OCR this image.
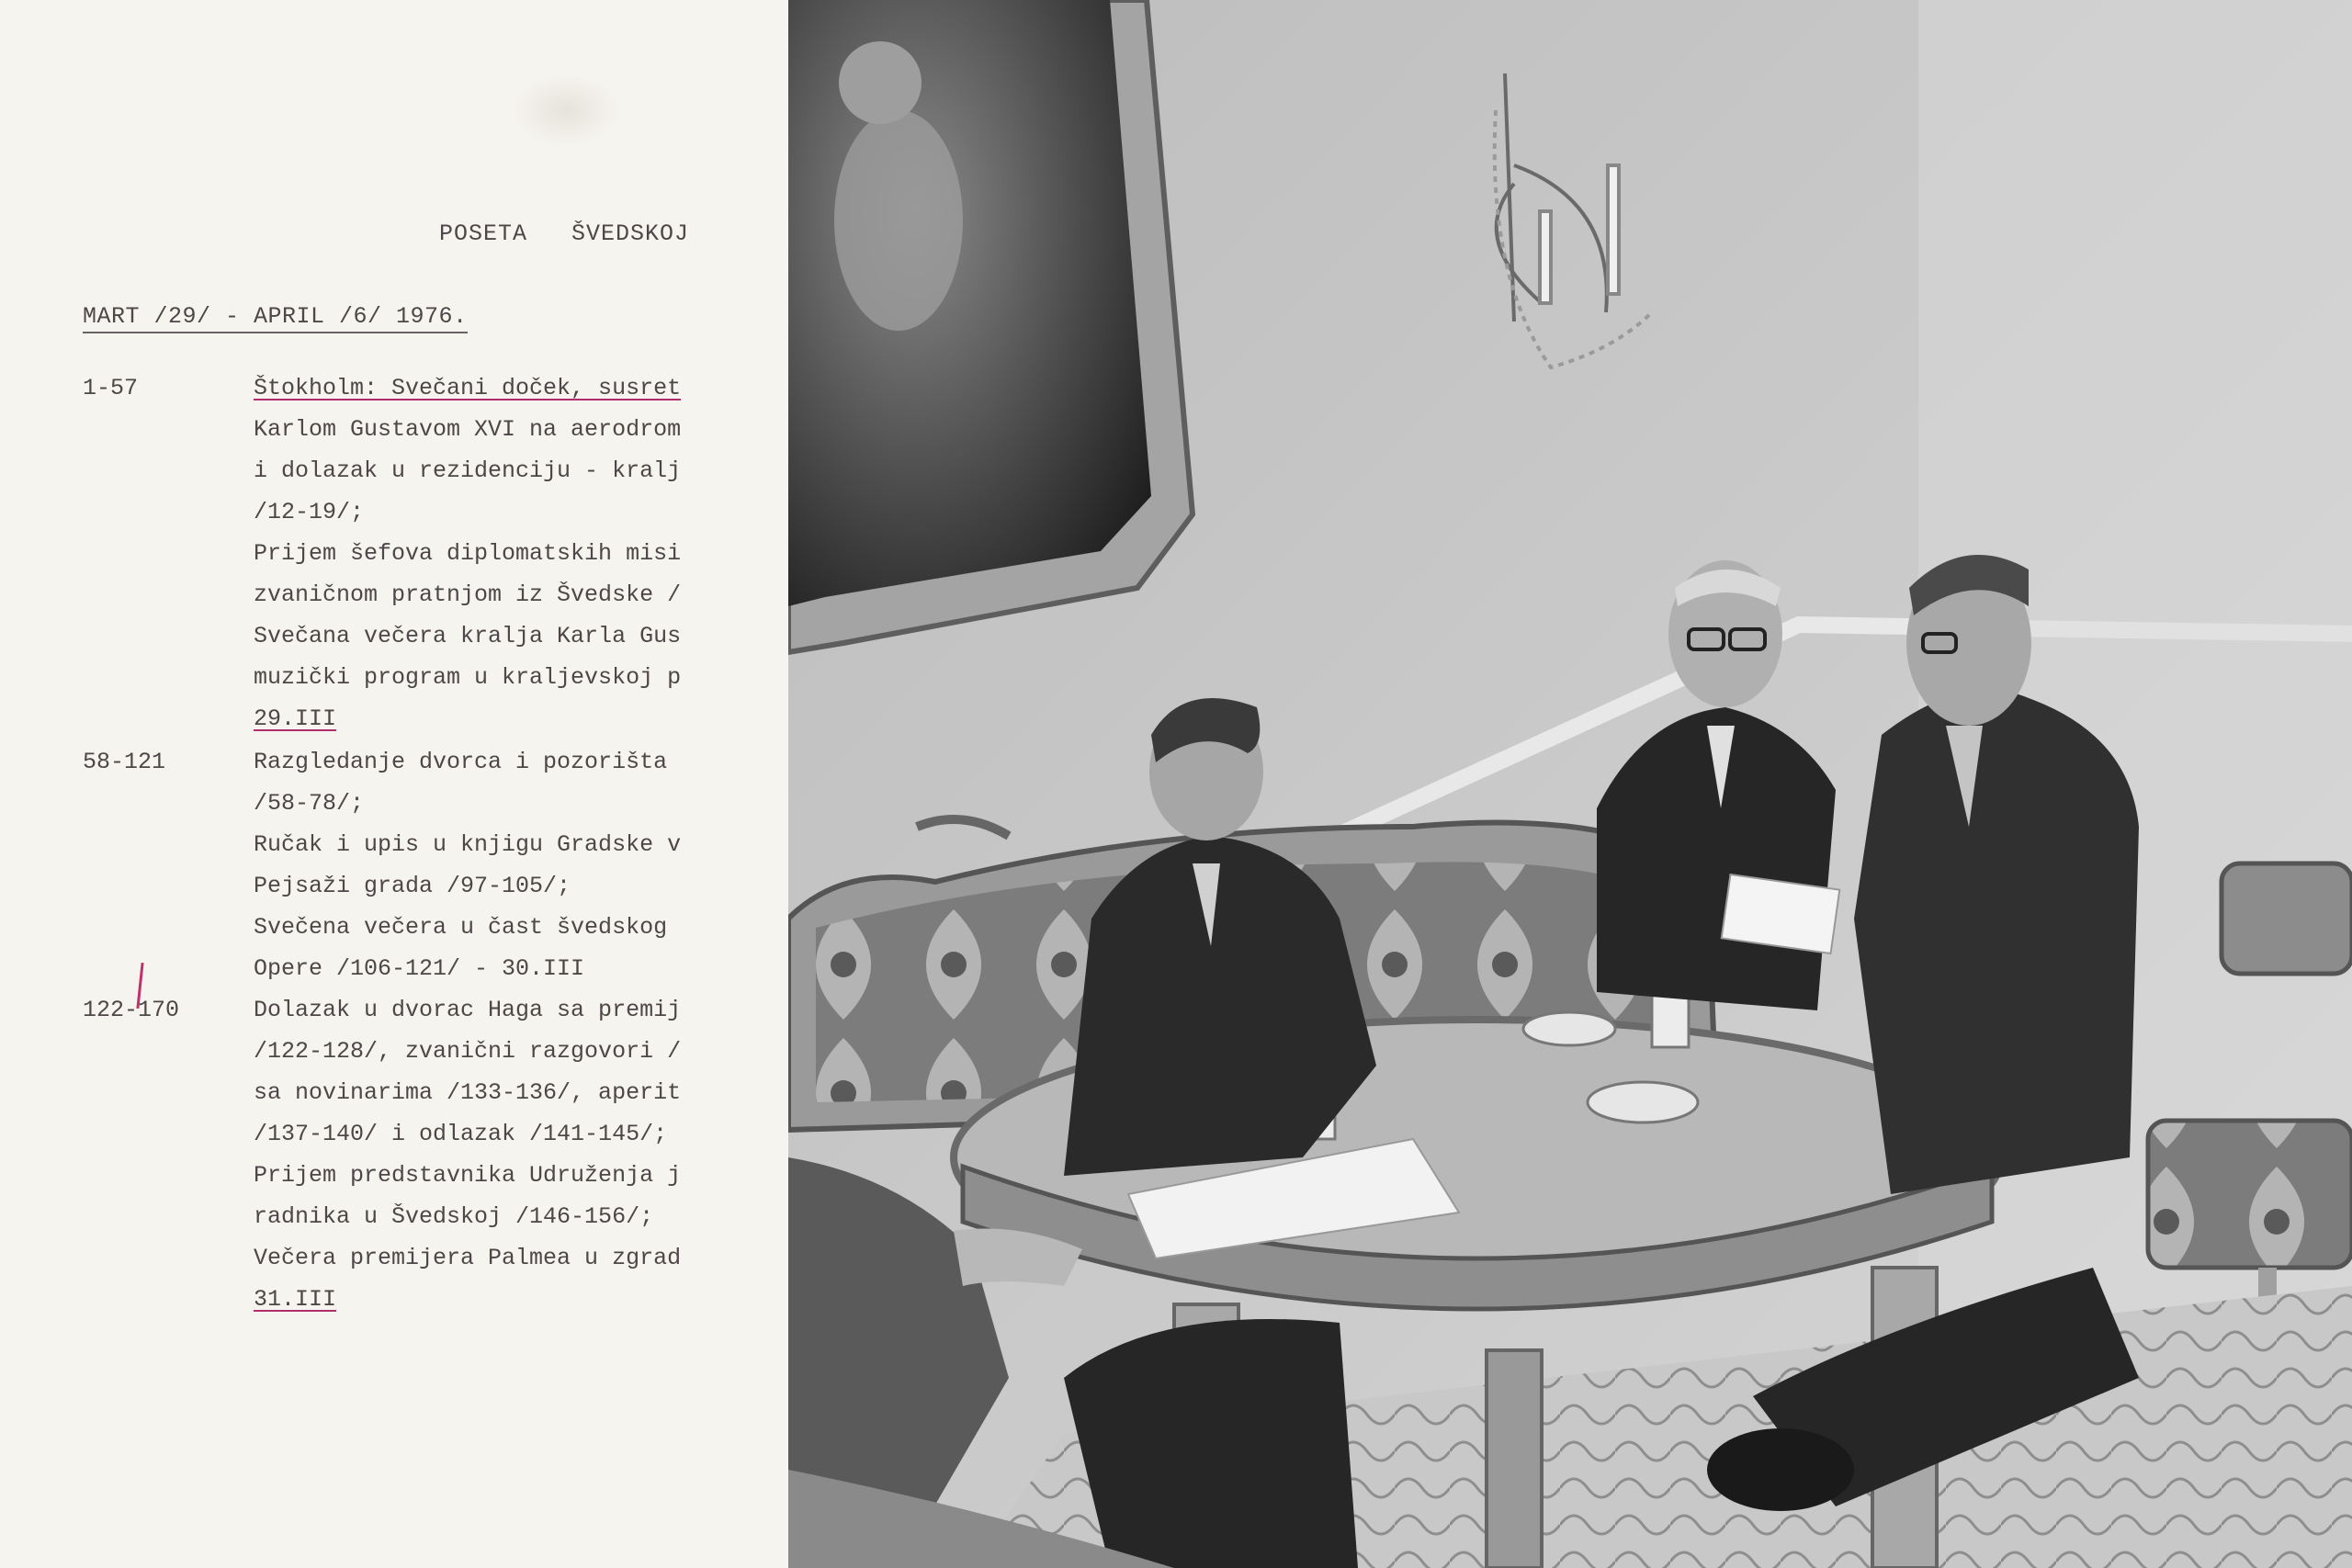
POSETA   ŠVEDSKOJ
MART /29/ - APRIL /6/ 1976.
1-57	Štokholm: Svečani doček, susret
Karlom Gustavom XVI na aerodrom
i dolazak u rezidenciju - kralj
/12-19/;
Prijem šefova diplomatskih misi
zvaničnom pratnjom iz Švedske /
Svečana večera kralja Karla Gus
muzički program u kraljevskoj p
29.III
58-121	Razgledanje dvorca i pozorišta
/58-78/;
Ručak i upis u knjigu Gradske v
Pejsaži grada /97-105/;
Svečena večera u čast švedskog
Opere /106-121/ - 30.III
122-170	Dolazak u dvorac Haga sa premij
/122-128/, zvanični razgovori /
sa novinarima /133-136/, aperit
/137-140/ i odlazak /141-145/;
Prijem predstavnika Udruženja j
radnika u Švedskoj /146-156/;
Večera premijera Palmea u zgrad
31.III
